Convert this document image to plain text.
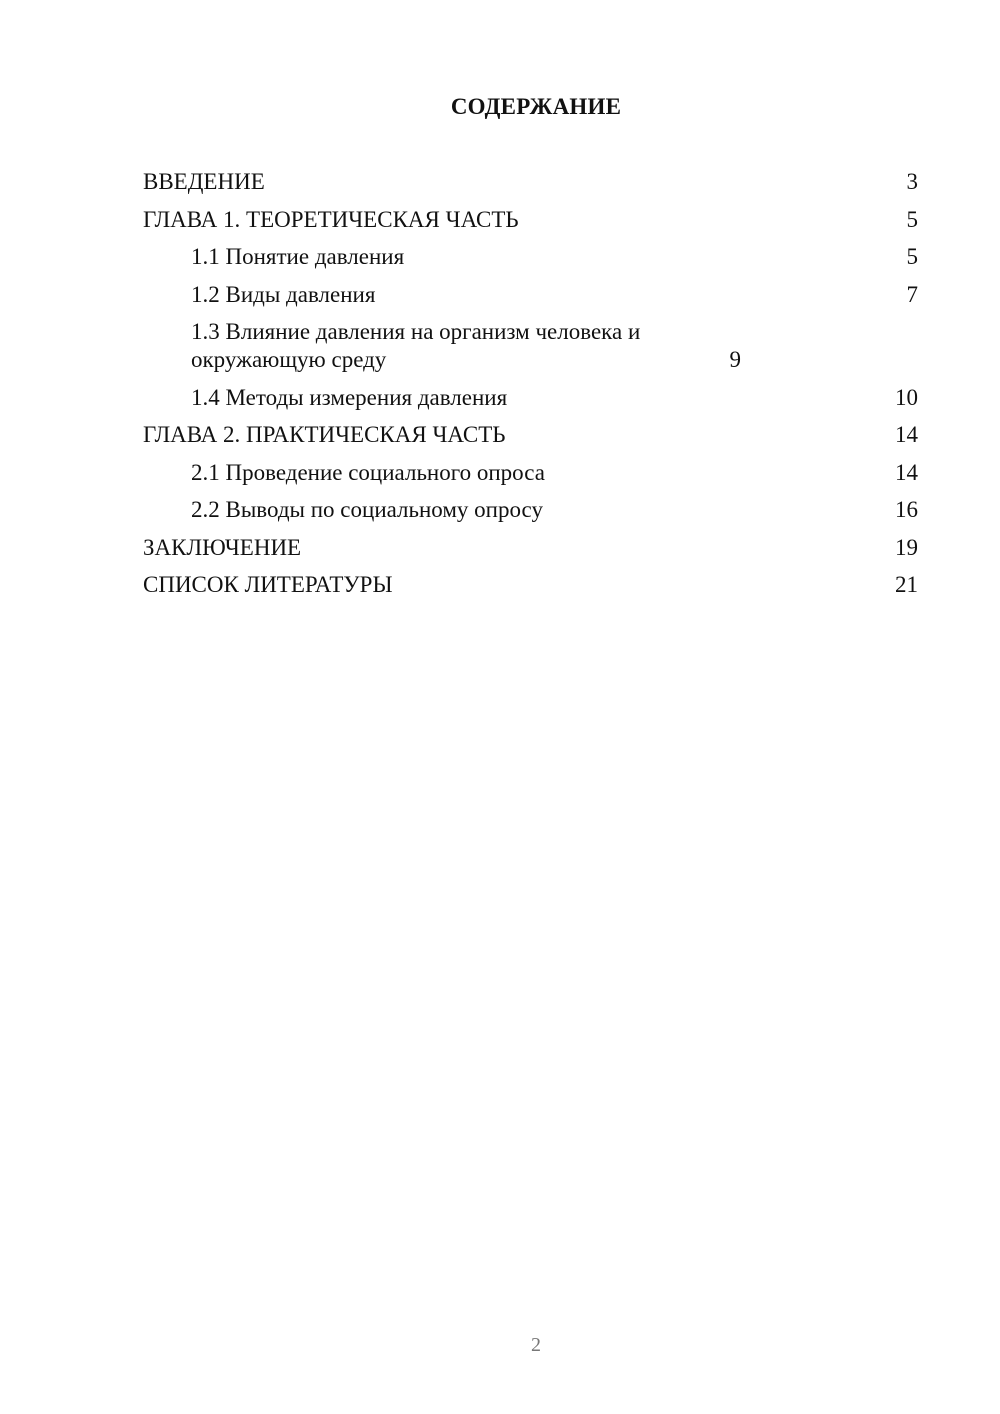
СОДЕРЖАНИЕ
ВВЕДЕНИЕ	3
ГЛАВА 1. ТЕОРЕТИЧЕСКАЯ ЧАСТЬ	5
1.1 Понятие давления	5
1.2 Виды давления	7
1.3 Влияние давления на организм человека и окружающую среду	9
1.4 Методы измерения давления	10
ГЛАВА 2. ПРАКТИЧЕСКАЯ ЧАСТЬ	14
2.1 Проведение социального опроса	14
2.2 Выводы по социальному опросу	16
ЗАКЛЮЧЕНИЕ	19
СПИСОК ЛИТЕРАТУРЫ	21
2
